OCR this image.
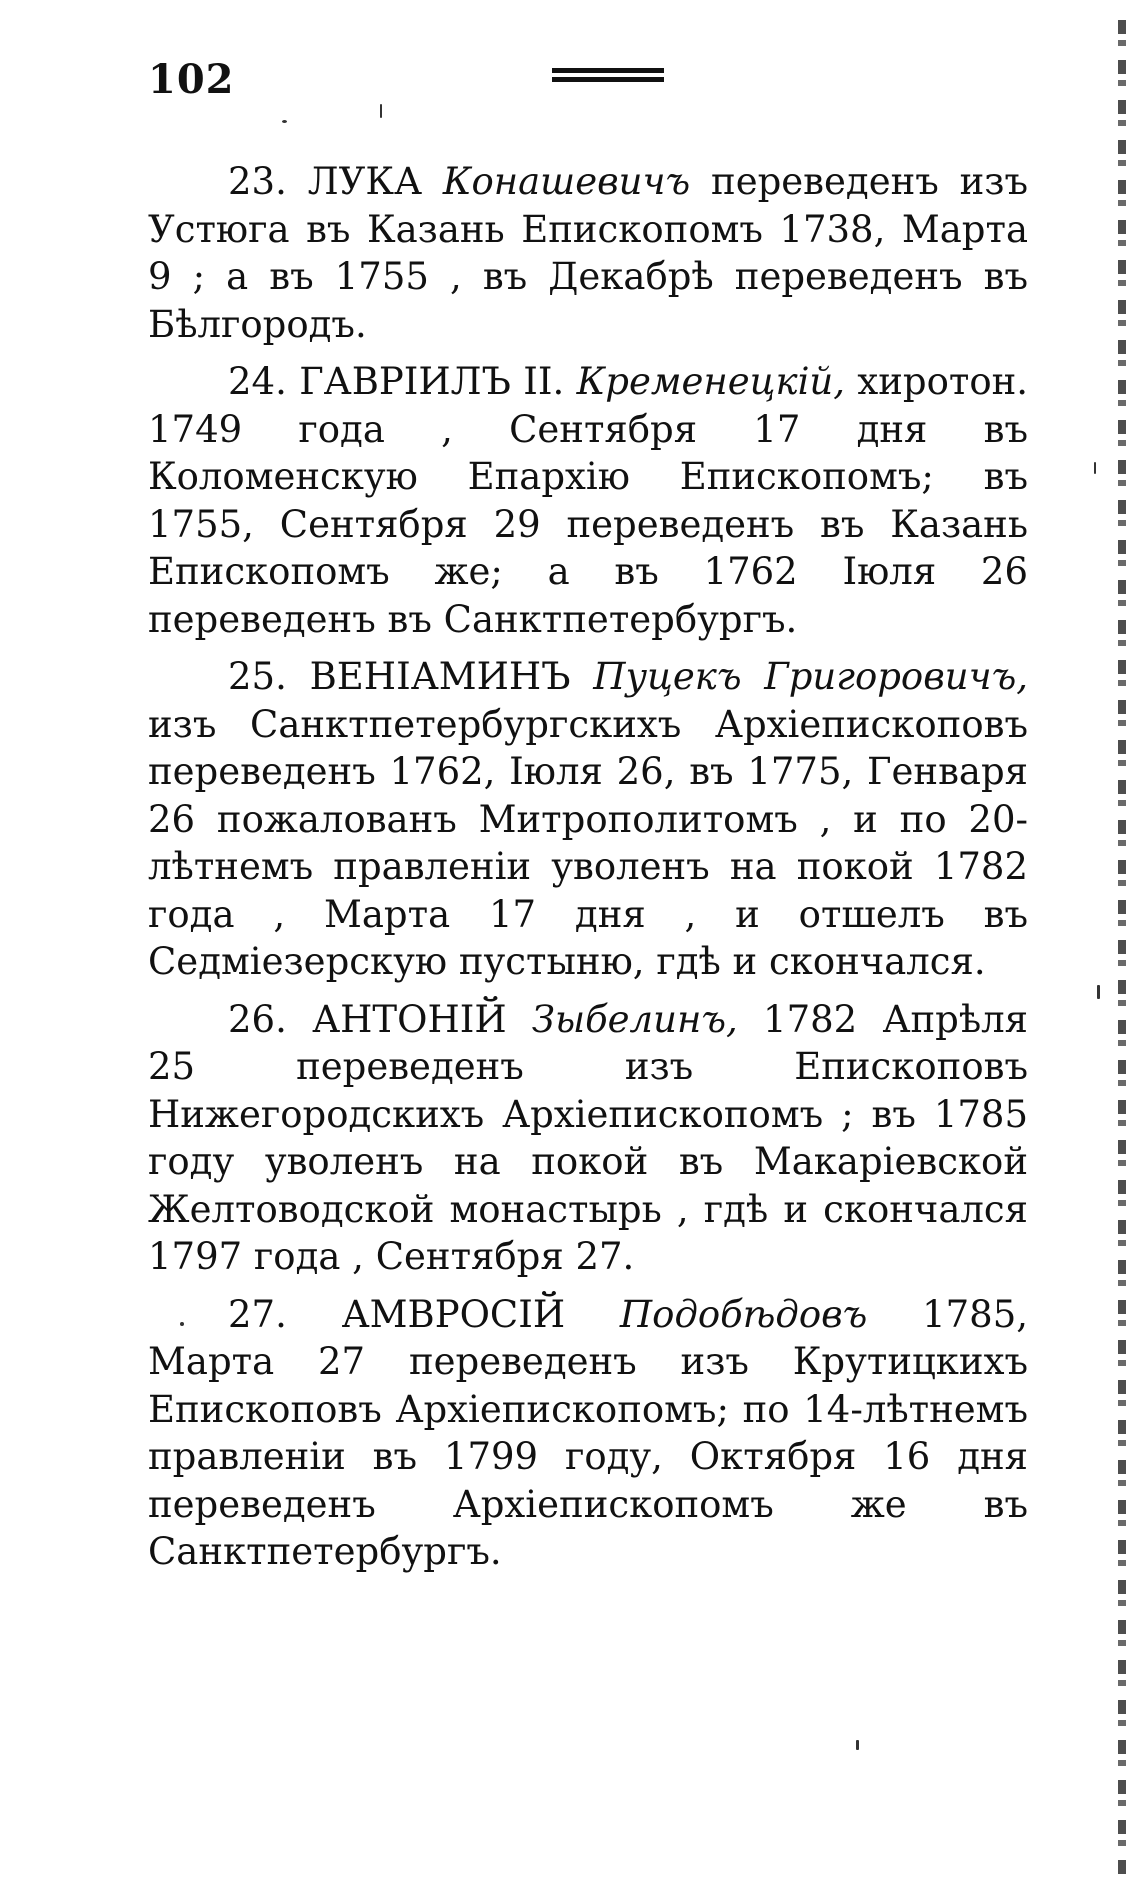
102

23. ЛУКА Конашевичъ переведенъ изъ Устюга въ Казань Епископомъ 1738, Марта 9 ; а въ 1755 , въ Декабрѣ переведенъ въ Бѣлгородъ.

24. ГАВРIИЛЪ II. Кременецкiй, хиротон. 1749 года , Сентября 17 дня въ Коломенскую Епархiю Епископомъ; въ 1755, Сентября 29 переведенъ въ Казань Епископомъ же; а въ 1762 Iюля 26 переведенъ въ Санктпетербургъ.

25. ВЕНIАМИНЪ Пуцекъ Григоровичъ, изъ Санктпетербургскихъ Архiепископовъ переведенъ 1762, Iюля 26, въ 1775, Генваря 26 пожалованъ Митрополитомъ , и по 20-лѣтнемъ правленiи уволенъ на покой 1782 года , Марта 17 дня , и отшелъ въ Седмiезерскую пустыню, гдѣ и скончался.

26. АНТОНIЙ Зыбелинъ, 1782 Апрѣля 25 переведенъ изъ Епископовъ Нижегородскихъ Архiепископомъ ; въ 1785 году уволенъ на покой въ Макарiевской Желтоводской монастырь , гдѣ и скончался 1797 года , Сентября 27.

27. АМВРОСIЙ Подобѣдовъ 1785, Марта 27 переведенъ изъ Крутицкихъ Епископовъ Архiепископомъ; по 14-лѣтнемъ правленiи въ 1799 году, Октября 16 дня переведенъ Архiепископомъ же въ Санктпетербургъ.
